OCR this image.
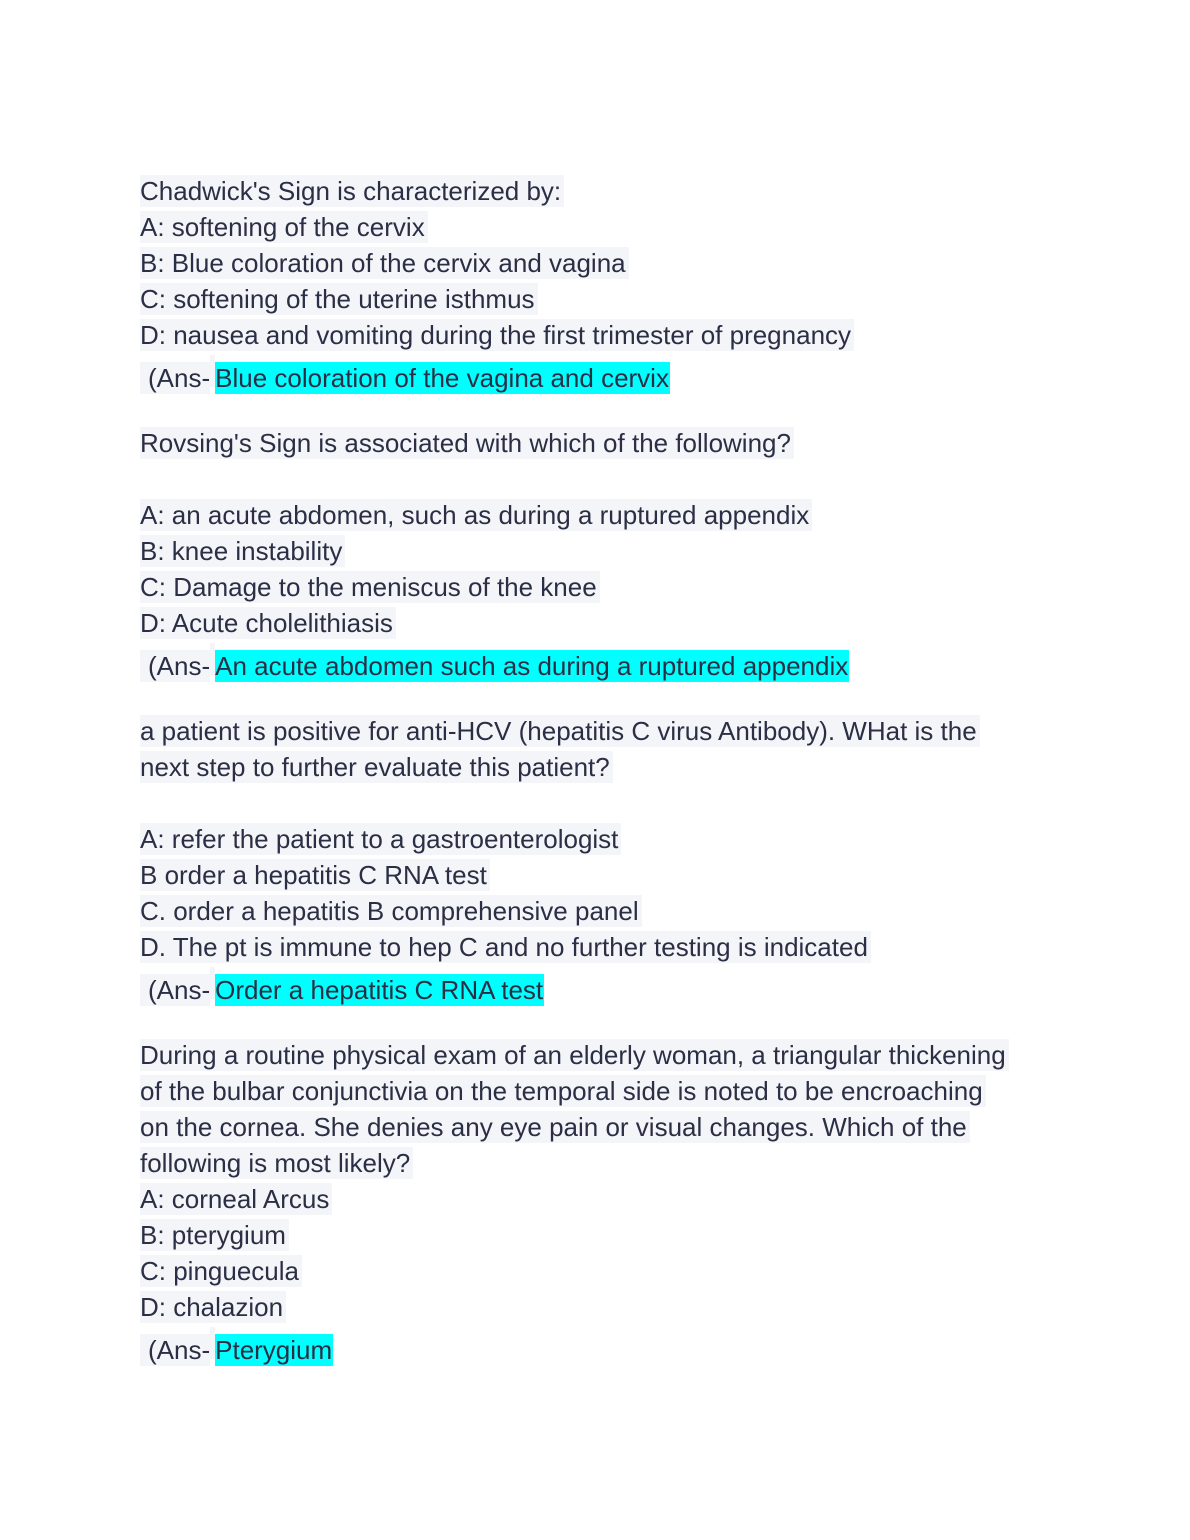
Chadwick's Sign is characterized by:
A: softening of the cervix
B: Blue coloration of the cervix and vagina
C: softening of the uterine isthmus
D: nausea and vomiting during the first trimester of pregnancy
(Ans- Blue coloration of the vagina and cervix
Rovsing's Sign is associated with which of the following?
A: an acute abdomen, such as during a ruptured appendix
B: knee instability
C: Damage to the meniscus of the knee
D: Acute cholelithiasis
(Ans- An acute abdomen such as during a ruptured appendix
a patient is positive for anti-HCV (hepatitis C virus Antibody). WHat is the
next step to further evaluate this patient?
A: refer the patient to a gastroenterologist
B order a hepatitis C RNA test
C. order a hepatitis B comprehensive panel
D. The pt is immune to hep C and no further testing is indicated
(Ans- Order a hepatitis C RNA test
During a routine physical exam of an elderly woman, a triangular thickening
of the bulbar conjunctivia on the temporal side is noted to be encroaching
on the cornea. She denies any eye pain or visual changes. Which of the
following is most likely?
A: corneal Arcus
B: pterygium
C: pinguecula
D: chalazion
(Ans- Pterygium
